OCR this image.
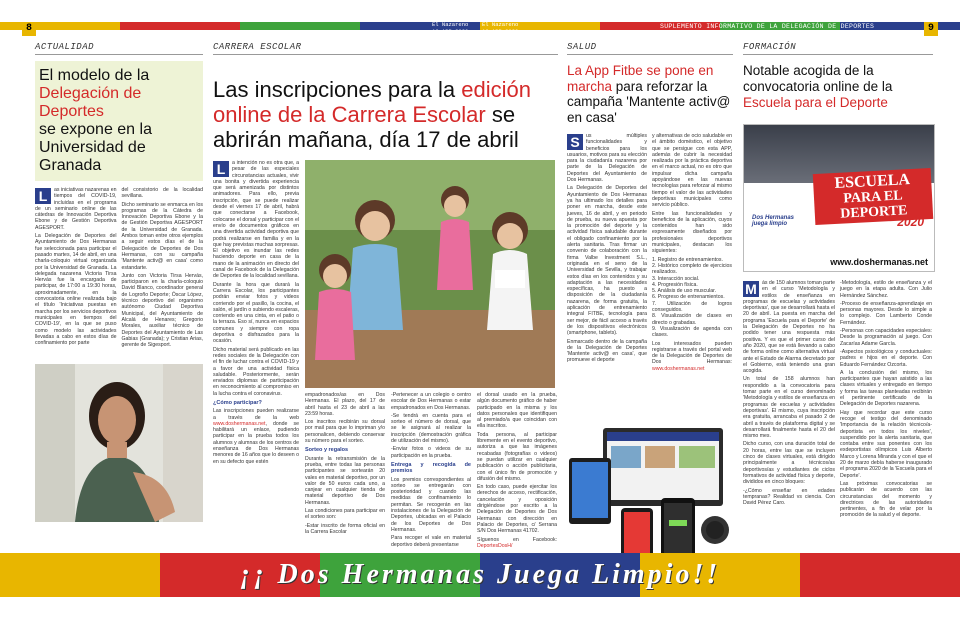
8	9
El Nazareno
16 ABR 2020
El Nazareno
16 ABR 2020
SUPLEMENTO INFORMATIVO DE LA DELEGACIÓN DE DEPORTES
ACTUALIDAD
El modelo de la
Delegación de Deportes
se expone en la Universidad de Granada

L	as iniciativas nazarenas en tiempos del COVID-19, incluidas en el programa de un seminario online de las cátedras de Innovación Deportiva Ebone y de Gestión Deportiva AGESPORT.

La Delegación de Deportes del Ayuntamiento de Dos Hermanas fue seleccionada para participar el pasado martes, 14 de abril, en una charla-coloquio virtual organizada por la Universidad de Granada. La delegada nazarena Victoria Tirsa Hervás fue la encargada de participar, de 17:00 a 19:30 horas, aproximadamente, en la convocatoria online realizada bajo el título 'Iniciativas puestas en marcha por los servicios deportivos municipales en tiempos del COVID-19', en la que se puso como modelo las actividades llevadas a cabo en estos días de confinamiento por parte

del consistorio de la localidad sevillana.

Dicho seminario se enmarca en los programas de la Cátedra de Innovación Deportiva Ebone y la de Gestión Deportiva AGESPORT de la Universidad de Granada. Ambos toman entre otros ejemplos a seguir estos días el de la Delegación de Deportes de Dos Hermanas, con su campaña 'Mantente activ@ en casa' como estandarte.

Junto con Victoria Tirsa Hervás, participaron en la charla-coloquio David Blanco, coordinador general de Logroño Deporte; Óscar López, técnico deportivo del organismo autónomo Ciudad Deportiva Municipal, del Ayuntamiento de Alcalá de Henares; Gregorio Morales, auxiliar técnico de Deportes del Ayuntamiento de Las Gabias (Granada); y Cristian Arias, gerente de Sigesport.

CARRERA ESCOLAR
Las inscripciones para la edición online de la Carrera Escolar se abrirán mañana, día 17 de abril

L	a intención no es otra que, a pesar de las especiales circunstancias actuales, vivir una bonita y divertida experiencia que será amenizada por distintos animadores. Para ello, previa inscripción, que se puede realizar desde el viernes 17 de abril, habrá que conectarse a Facebook, colocarse el dorsal y participar con el envío de documentos gráficos en una divertida actividad deportiva que podrá realizarse en familia y en la que hay previstas muchas sorpresas. El objetivo es inundar las redes haciendo deporte en casa de la mano de la animación en directo del canal de Facebook de la Delegación de Deportes de la localidad sevillana.

Durante la hora que durará la Carrera Escolar, los participantes podrán enviar fotos y videos corriendo por el pasillo, la cocina, el salón, el jardín o subiendo escaleras, corriendo en una cinta, en el patio o la terraza. Eso sí, nunca en espacios comunes y siempre con ropa deportiva o disfrazados para la ocasión.

Dicho material será publicado en las redes sociales de la Delegación con el fin de luchar contra el COVID-19 y a favor de una actividad física saludable. Posteriormente, serán enviados diplomas de participación en reconocimiento al compromiso en la lucha contra el coronavirus.

¿Cómo participar?

Las inscripciones pueden realizarse a través de la web www.doshermanas.net, donde se habilitará un enlace, pudiendo participar en la prueba todos los alumnos y alumnas de los centros de enseñanza de Dos Hermanas menores de 16 años que lo deseen o en su defecto que estén

empadronados/as en Dos Hermanas. El plazo, del 17 de abril hasta el 23 de abril a las 23:59 horas.

Los inscritos recibirán su dorsal por mail para que lo impriman y/o personalicen, debiendo conservar su número para el sorteo.

Sorteo y regalos

Durante la retransmisión de la prueba, entre todas las personas participantes se sortearán 20 vales en material deportivo, por un valor de 50 euros cada uno, a canjear en cualquier tienda de material deportivo de Dos Hermanas.

Las condiciones para participar en el sorteo son:

-Estar inscrito de forma oficial en la Carrera Escolar

-Pertenecer a un colegio o centro escolar de Dos Hermanas o estar empadronados en Dos Hermanas.

-Se tendrá en cuenta para el sorteo el número de dorsal, que se le asignará al realizar la inscripción (demostración gráfica de utilización del mismo).

-Enviar fotos o videos de su participación en la prueba.

Entrega y recogida de premios

Los premios correspondientes al sorteo se entregarán con posterioridad y cuando las medidas de confinamiento lo permitan. Se recogerán en las instalaciones de la Delegación de Deportes, ubicadas en el Palacio de los Deportes de Dos Hermanas.

Para recoger el vale en material deportivo deberá presentarse

el dorsal usado en la prueba, algún documento gráfico de haber participado en la misma y los datos personales que identifiquen al premiado/a que coincidan con ella inscritos.

Toda persona, al participar libremente en el evento deportivo, autoriza a que las imágenes recabadas (fotografías o videos) se puedan utilizar en cualquier publicación o acción publicitaria, con el único fin de promoción y difusión del mismo.

En todo caso, puede ejercitar los derechos de acceso, rectificación, cancelación y oposición dirigiéndose por escrito a la Delegación de Deportes de Dos Hermanas con dirección en Palacio de Deportes, c/ Serrana S/N Dos Hermanas 41702.

Síguenos en Facebook: DeportesDosH/

SALUD
La App Fitbe se pone en marcha para reforzar la campaña 'Mantente activ@ en casa'

S	us múltiples funcionalidades y beneficios para los usuarios, motivos para su elección para la ciudadanía nazarena por parte de la Delegación de Deportes del Ayuntamiento de Dos Hermanas.

La Delegación de Deportes del Ayuntamiento de Dos Hermanas ya ha ultimado los detalles para poner en marcha, desde este jueves, 16 de abril, y en periodo de prueba, su nueva apuesta por la promoción del deporte y la actividad física saludable durante el obligado confinamiento por la alerta sanitaria. Tras firmar un convenio de colaboración con la firma Valbe Investment S.L., originada en el seno de la Universidad de Sevilla, y trabajar estos días en los contenidos y su adaptación a las necesidades específicas, ha puesto a disposición de la ciudadanía nazarena, de forma gratuita, la aplicación de entrenamiento integral FITBE, tecnología para ser mejor, de fácil acceso a través de los dispositivos electrónicos (smartphone, tablets).

Enmarcado dentro de la campaña de la Delegación de Deportes 'Mantente activ@ en casa', que promueve el deporte

y alternativas de ocio saludable en el ámbito doméstico, el objetivo que se persigue con esta APP, además de cubrir la necesidad realizada por la práctica deportiva en el marco actual, no es otro que impulsar dicha campaña apoyándose en las nuevas tecnologías para reforzar al mismo tiempo el valor de las actividades deportivas municipales como servicio público.

Entre las funcionalidades y beneficios de la aplicación, cuyos contenidos han sido expresamente diseñados por profesionales deportivos municipales, destacan los siguientes:

1. Registro de entrenamientos.
2. Histórico completo de ejercicios realizados.
3. Interacción social.
4. Progresión física.
5. Análisis de uso muscular.
6. Progreso de entrenamientos.
7. Utilización de logros conseguidos.
8. Visualización de clases en directo o grabadas.
9. Visualización de agenda con clases.

Los interesados pueden registrarse a través del portal web de la Delegación de Deportes de Dos Hermanas: www.doshermanas.net

FORMACIÓN
Notable acogida de la convocatoria online de la Escuela para el Deporte
ESCUELA
PARA EL DEPORTE
2020
Dos Hermanas juega limpio
www.doshermanas.net

M ás de 150 alumnos toman parte en el curso 'Metodología y estilos de enseñanza en programas de escuelas y actividades deportivas', que se desarrollará hasta el 20 de abril. La puesta en marcha del programa 'Escuela para el Deporte' de la Delegación de Deportes no ha podido tener una respuesta más positiva. Y es que el primer curso del año 2020, que se está llevando a cabo de forma online como alternativa virtual ante el Estado de Alarma decretado por el Gobierno, está teniendo una gran acogida.

Un total de 158 alumnos han respondido a la convocatoria para tomar parte en el curso denominado 'Metodología y estilos de enseñanza en programas de escuelas y actividades deportivas'. El mismo, cuya inscripción era gratuita, arrancaba el pasado 2 de abril a través de plataforma digital y se desarrollará finalmente hasta el 20 del mismo mes.

Dicho curso, con una duración total de 20 horas, entre las que se incluyen cinco de clases virtuales, está dirigido principalmente a técnicos/as deportivos/as y estudiantes de ciclos formativos de actividad física y deporte, divididos en cinco bloques:

-¿Cómo enseñar en edades tempranas? Realidad vs ciencia. Con David Pérez Caro.

-Metodología, estilo de enseñanza y el juego en la etapa adulta. Con Julio Hernández Sánchez.

-Proceso de enseñanza-aprendizaje en personas mayores. Desde lo simple a lo complejo. Con Lamberto Conde Fernández.

-Personas con capacidades especiales: Desde la programación al juego. Con Zacarías Adame García.

-Aspectos psicológicos y conductuales: padres e hijos en el deporte. Con Eduardo Fernández Ozcorta.

A la conclusión del mismo, los participantes que hayan asistido a las clases virtuales y entregado en tiempo y forma las tareas planteadas recibirán el pertinente certificado de la Delegación de Deportes nazarena.

Hay que recordar que este curso recoge el testigo del denominado 'Importancia de la relación técnico/a-deportista en todos los niveles', suspendido por la alerta sanitaria, que contaba entre sus ponentes con los exdeportistas olímpicos Luis Alberto Marco y Lorena Miranda y con el que el 20 de marzo debía haberse inaugurado el programa 2020 de la 'Escuela para el Deporte'.

Las próximas convocatorias se publicarán de acuerdo con las circunstancias del momento y directrices de las autoridades pertinentes, a fin de velar por la promoción de la salud y el deporte.

¡¡ Dos Hermanas Juega Limpio!!
